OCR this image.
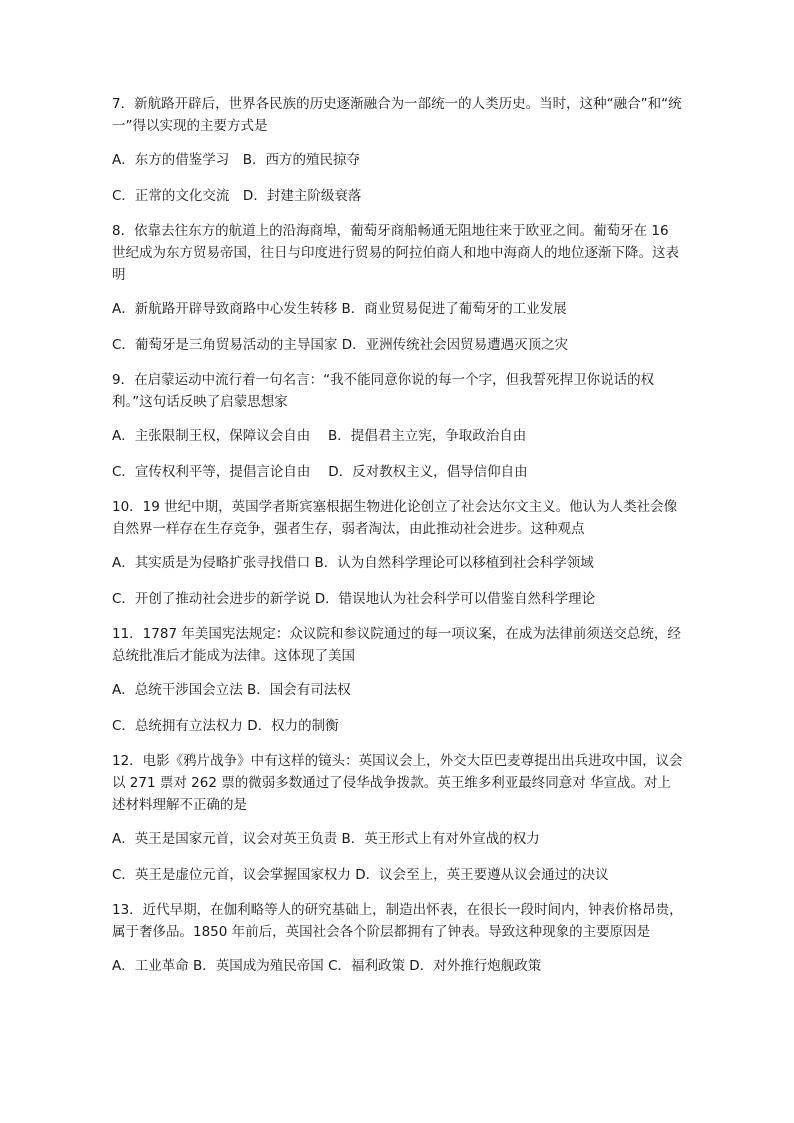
7．新航路开辟后，世界各民族的历史逐渐融合为一部统一的人类历史。当时，这种“融合”和“统一”得以实现的主要方式是

A．东方的借鉴学习　B．西方的殖民掠夺

C．正常的文化交流　D．封建主阶级衰落

8．依靠去往东方的航道上的沿海商埠，葡萄牙商船畅通无阻地往来于欧亚之间。葡萄牙在 16 世纪成为东方贸易帝国，往日与印度进行贸易的阿拉伯商人和地中海商人的地位逐渐下降。这表明

A．新航路开辟导致商路中心发生转移 B．商业贸易促进了葡萄牙的工业发展

C．葡萄牙是三角贸易活动的主导国家 D．亚洲传统社会因贸易遭遇灭顶之灾

9．在启蒙运动中流行着一句名言：“我不能同意你说的每一个字，但我誓死捍卫你说话的权利。”这句话反映了启蒙思想家

A．主张限制王权，保障议会自由　 B．提倡君主立宪，争取政治自由

C．宣传权利平等，提倡言论自由　 D．反对教权主义，倡导信仰自由

10．19 世纪中期，英国学者斯宾塞根据生物进化论创立了社会达尔文主义。他认为人类社会像自然界一样存在生存竞争，强者生存，弱者淘汰，由此推动社会进步。这种观点

A．其实质是为侵略扩张寻找借口 B．认为自然科学理论可以移植到社会科学领域

C．开创了推动社会进步的新学说 D．错误地认为社会科学可以借鉴自然科学理论

11．1787 年美国宪法规定：众议院和参议院通过的每一项议案，在成为法律前须送交总统，经总统批准后才能成为法律。这体现了美国

A．总统干涉国会立法 B．国会有司法权

C．总统拥有立法权力 D．权力的制衡

12．电影《鸦片战争》中有这样的镜头：英国议会上，外交大臣巴麦尊提出出兵进攻中国，议会以 271 票对 262 票的微弱多数通过了侵华战争拨款。英王维多利亚最终同意对 华宣战。对上述材料理解不正确的是

A．英王是国家元首，议会对英王负责 B．英王形式上有对外宣战的权力

C．英王是虚位元首，议会掌握国家权力 D．议会至上，英王要遵从议会通过的决议

13．近代早期，在伽利略等人的研究基础上，制造出怀表，在很长一段时间内，钟表价格昂贵，属于奢侈品。1850 年前后，英国社会各个阶层都拥有了钟表。导致这种现象的主要原因是

A．工业革命 B．英国成为殖民帝国 C．福利政策 D．对外推行炮舰政策
